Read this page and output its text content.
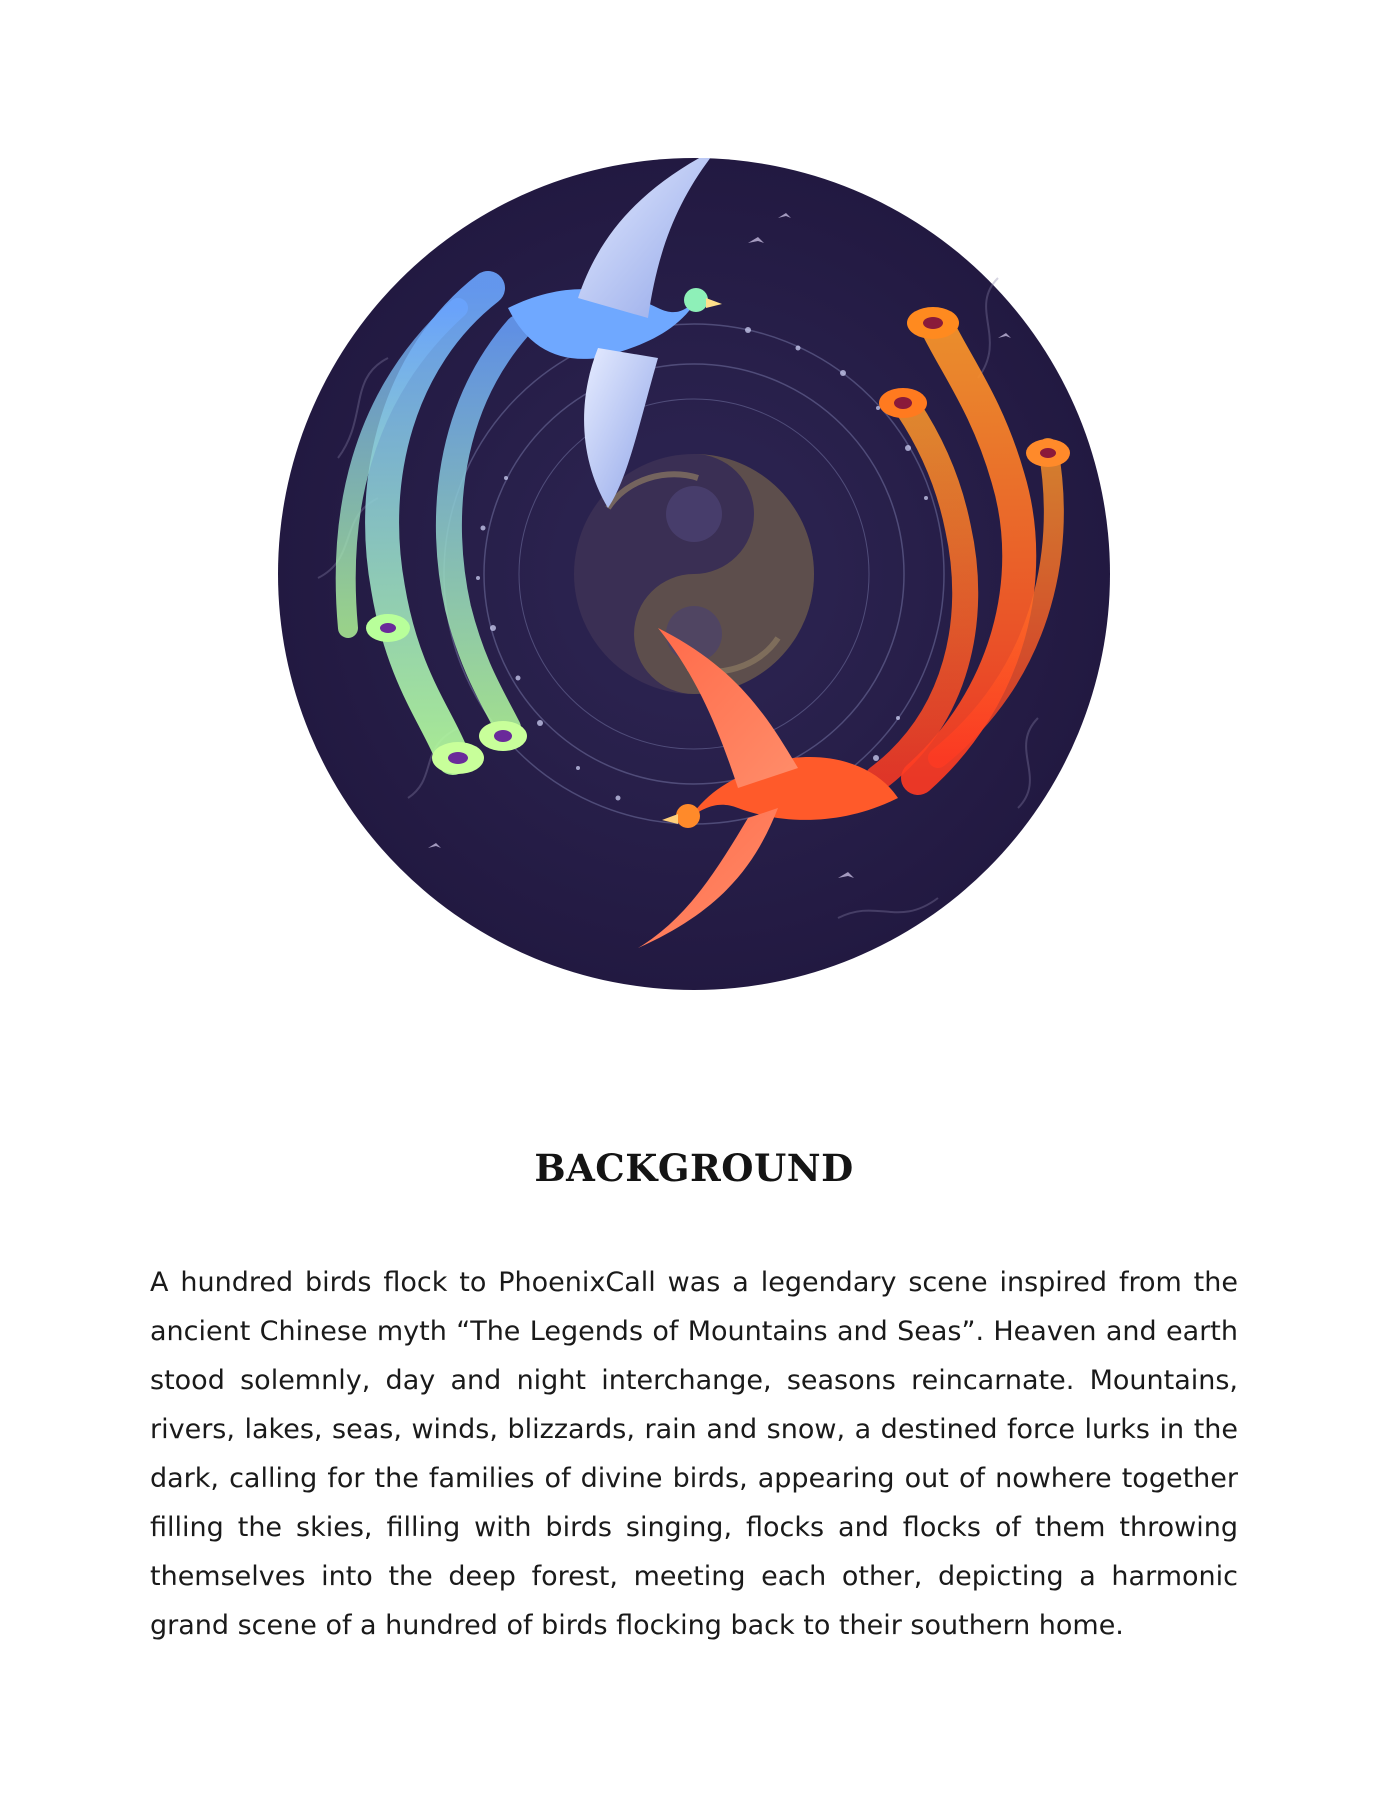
BACKGROUND

A hundred birds flock to PhoenixCall was a legendary scene inspired from the ancient Chinese myth “The Legends of Mountains and Seas”. Heaven and earth stood solemnly, day and night interchange, seasons reincarnate. Mountains, rivers, lakes, seas, winds, blizzards, rain and snow, a destined force lurks in the dark, calling for the families of divine birds, appearing out of nowhere together filling the skies, filling with birds singing, flocks and flocks of them throwing themselves into the deep forest, meeting each other, depicting a harmonic grand scene of a hundred of birds flocking back to their southern home.
